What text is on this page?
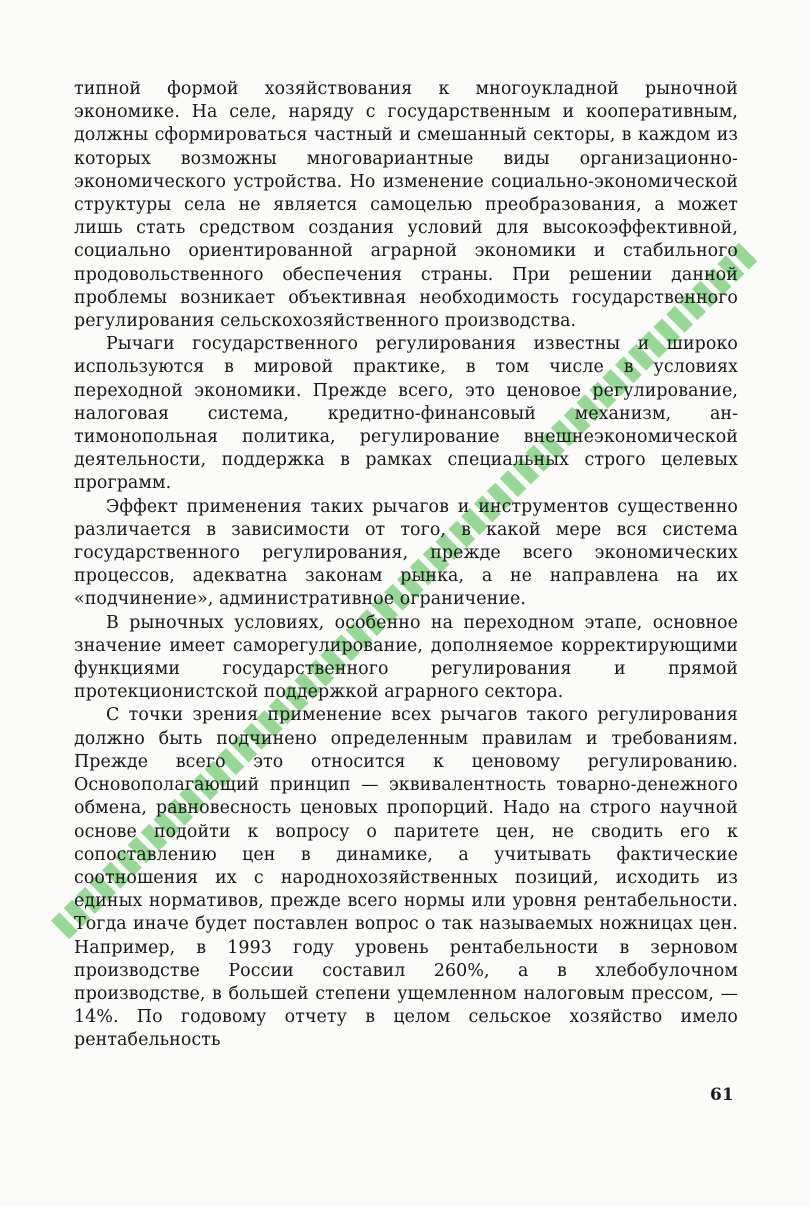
типной формой хозяйствования к многоукладной рыночной экономике. На селе, наряду с государственным и кооперативным, должны сформироваться частный и смешанный секторы, в каждом из которых возможны многовариантные виды организационно-экономического устройства. Но изменение социально-экономической структуры села не является самоцелью преобразования, а может лишь стать средством создания условий для высокоэффективной, социально ориентированной аграрной экономики и стабильного продовольственного обеспечения страны. При решении данной проблемы возникает объективная необходимость государственного регулирования сельскохозяйственного производства.

Рычаги государственного регулирования известны и широко используются в мировой практике, в том числе в условиях переходной экономики. Прежде всего, это ценовое регулирование, налоговая система, кредитно-финансовый механизм, антимонопольная политика, регулирование внешнеэкономической деятельности, поддержка в рамках специальных строго целевых программ.

Эффект применения таких рычагов и инструментов существенно различается в зависимости от того, в какой мере вся система государственного регулирования, прежде всего экономических процессов, адекватна законам рынка, а не направлена на их «подчинение», административное ограничение.

В рыночных условиях, особенно на переходном этапе, основное значение имеет саморегулирование, дополняемое корректирующими функциями государственного регулирования и прямой протекционистской поддержкой аграрного сектора.

С точки зрения применение всех рычагов такого регулирования должно быть подчинено определенным правилам и требованиям. Прежде всего это относится к ценовому регулированию. Основополагающий принцип — эквивалентность товарно-денежного обмена, равновесность ценовых пропорций. Надо на строго научной основе подойти к вопросу о паритете цен, не сводить его к сопоставлению цен в динамике, а учитывать фактические соотношения их с народнохозяйственных позиций, исходить из единых нормативов, прежде всего нормы или уровня рентабельности. Тогда иначе будет поставлен вопрос о так называемых ножницах цен. Например, в 1993 году уровень рентабельности в зерновом производстве России составил 260%, а в хлебобулочном производстве, в большей степени ущемленном налоговым прессом, — 14%. По годовому отчету в целом сельское хозяйство имело рентабельность

61
